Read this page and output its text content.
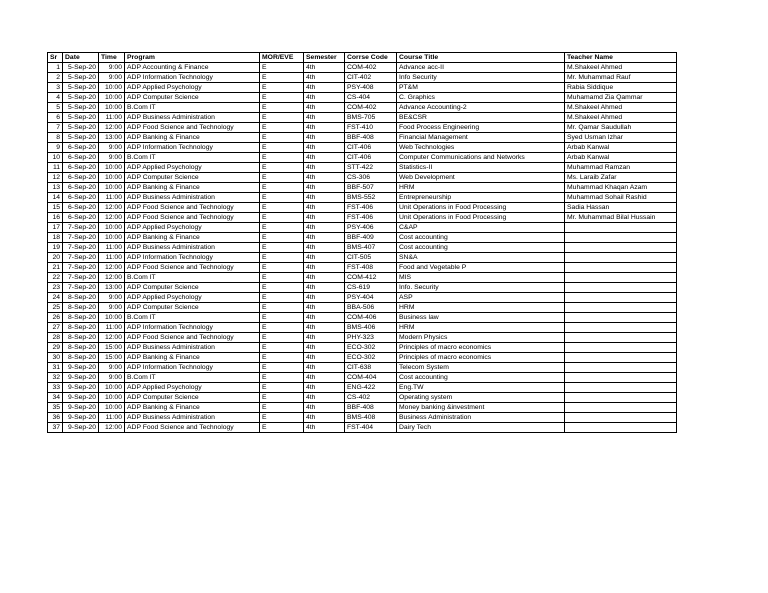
Sr	Date	Time	Program	MOR/EVE	Semester	Corrse Code	Course Title	Teacher Name
1	5-Sep-20	9:00	ADP Accounting & Finance	E	4th	COM-402	Advance acc-II	M.Shakeel Ahmed
2	5-Sep-20	9:00	ADP Information Technology	E	4th	CIT-402	Info Security	Mr. Muhammad Rauf
3	5-Sep-20	10:00	ADP Applied Psychology	E	4th	PSY-408	PT&M	Rabia Siddique
4	5-Sep-20	10:00	ADP Computer Science	E	4th	CS-404	C. Graphics	Muhamamd Zia Qammar
5	5-Sep-20	10:00	B.Com IT	E	4th	COM-402	Advance Accounting-2	M.Shakeel Ahmed
6	5-Sep-20	11:00	ADP Business Administration	E	4th	BMS-705	BE&CSR	M.Shakeel Ahmed
7	5-Sep-20	12:00	ADP Food Science and Technology	E	4th	FST-410	Food Process Engineering	Mr. Qamar Saudullah
8	5-Sep-20	13:00	ADP Banking & Finance	E	4th	BBF-408	Financial Management	Syed Usman Izhar
9	6-Sep-20	9:00	ADP Information Technology	E	4th	CIT-406	Web Technologies	Arbab Kanwal
10	6-Sep-20	9:00	B.Com IT	E	4th	CIT-406	Computer Communications and Networks	Arbab Kanwal
11	6-Sep-20	10:00	ADP Applied Psychology	E	4th	STT-422	Statistics-II	Muhammad Ramzan
12	6-Sep-20	10:00	ADP Computer Science	E	4th	CS-306	Web Development	Ms. Laraib Zafar
13	6-Sep-20	10:00	ADP Banking & Finance	E	4th	BBF-507	HRM	Muhammad Khaqan Azam
14	6-Sep-20	11:00	ADP Business Administration	E	4th	BMS-552	Entrepreneurship	Muhammad Sohail Rashid
15	6-Sep-20	12:00	ADP Food Science and Technology	E	4th	FST-406	Unit Operations in Food Processing	Sadia Hassan
16	6-Sep-20	12:00	ADP Food Science and Technology	E	4th	FST-406	Unit Operations in Food Processing	Mr. Muhammad Bilal Hussain
17	7-Sep-20	10:00	ADP Applied Psychology	E	4th	PSY-406	C&AP	
18	7-Sep-20	10:00	ADP Banking & Finance	E	4th	BBF-409	Cost accounting	
19	7-Sep-20	11:00	ADP Business Administration	E	4th	BMS-407	Cost accounting	
20	7-Sep-20	11:00	ADP Information Technology	E	4th	CIT-505	SN&A	
21	7-Sep-20	12:00	ADP Food Science and Technology	E	4th	FST-408	Food and Vegetable P	
22	7-Sep-20	12:00	B.Com IT	E	4th	COM-412	MIS	
23	7-Sep-20	13:00	ADP Computer Science	E	4th	CS-619	Info. Security	
24	8-Sep-20	9:00	ADP Applied Psychology	E	4th	PSY-404	ASP	
25	8-Sep-20	9:00	ADP Computer Science	E	4th	BBA-506	HRM	
26	8-Sep-20	10:00	B.Com IT	E	4th	COM-406	Business law	
27	8-Sep-20	11:00	ADP Information Technology	E	4th	BMS-406	HRM	
28	8-Sep-20	12:00	ADP Food Science and Technology	E	4th	PHY-323	Modern Physics	
29	8-Sep-20	15:00	ADP Business Administration	E	4th	ECO-302	Principles of macro economics	
30	8-Sep-20	15:00	ADP Banking & Finance	E	4th	ECO-302	Principles of macro economics	
31	9-Sep-20	9:00	ADP Information Technology	E	4th	CIT-638	Telecom System	
32	9-Sep-20	9:00	B.Com IT	E	4th	COM-404	Cost accounting	
33	9-Sep-20	10:00	ADP Applied Psychology	E	4th	ENG-422	Eng.TW	
34	9-Sep-20	10:00	ADP Computer Science	E	4th	CS-402	Operating system	
35	9-Sep-20	10:00	ADP Banking & Finance	E	4th	BBF-408	Money banking &investment	
36	9-Sep-20	11:00	ADP Business Administration	E	4th	BMS-408	Business Administration	
37	9-Sep-20	12:00	ADP Food Science and Technology	E	4th	FST-404	Dairy Tech	
